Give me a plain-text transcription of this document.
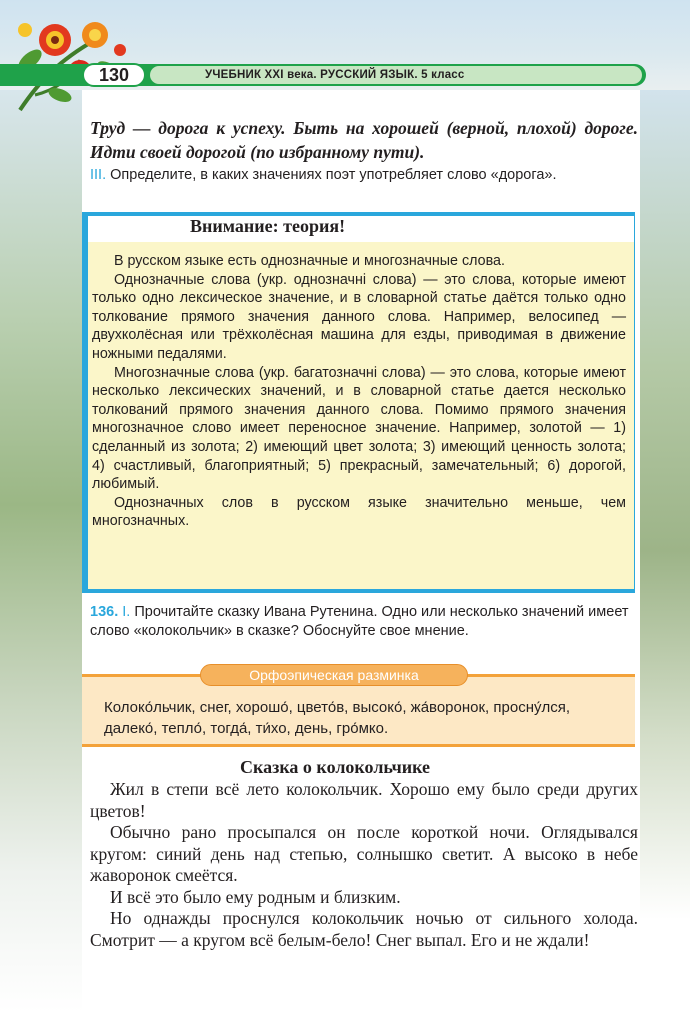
130	УЧЕБНИК XXI века. РУССКИЙ ЯЗЫК. 5 класс
Труд — дорога к успеху. Быть на хорошей (верной, плохой) дороге. Идти своей дорогой (по избранному пути).
III. Определите, в каких значениях поэт употребляет слово «дорога».
Внимание: теория!

В русском языке есть однозначные и многозначные слова.

Однозначные слова (укр. однозначні слова) — это слова, которые имеют только одно лексическое значение, и в словарной статье даётся только одно толкование прямого значения данного слова. Например, велосипед — двухколёсная или трёхколёсная машина для езды, приводимая в движение ножными педалями.

Многозначные слова (укр. багатозначні слова) — это слова, которые имеют несколько лексических значений, и в словарной статье дается несколько толкований прямого значения данного слова. Помимо прямого значения многозначное слово имеет переносное значение. Например, золотой — 1) сделанный из золота; 2) имеющий цвет золота; 3) имеющий ценность золота; 4) счастливый, благоприятный; 5) прекрасный, замечательный; 6) дорогой, любимый.

Однозначных слов в русском языке значительно меньше, чем многозначных.

136. I. Прочитайте сказку Ивана Рутенина. Одно или несколько значений имеет слово «колокольчик» в сказке? Обоснуйте свое мнение.
Орфоэпическая разминка
Колоко́льчик, снег, хорошо́, цвето́в, высоко́, жа́воронок, просну́лся, далеко́, тепло́, тогда́, ти́хо, день, гро́мко.
Сказка о колокольчике

Жил в степи всё лето колокольчик. Хорошо ему было среди других цветов!

Обычно рано просыпался он после короткой ночи. Оглядывался кругом: синий день над степью, солнышко светит. А высоко в небе жаворонок смеётся.

И всё это было ему родным и близким.

Но однажды проснулся колокольчик ночью от сильного холода. Смотрит — а кругом всё белым-бело! Снег выпал. Его и не ждали!
